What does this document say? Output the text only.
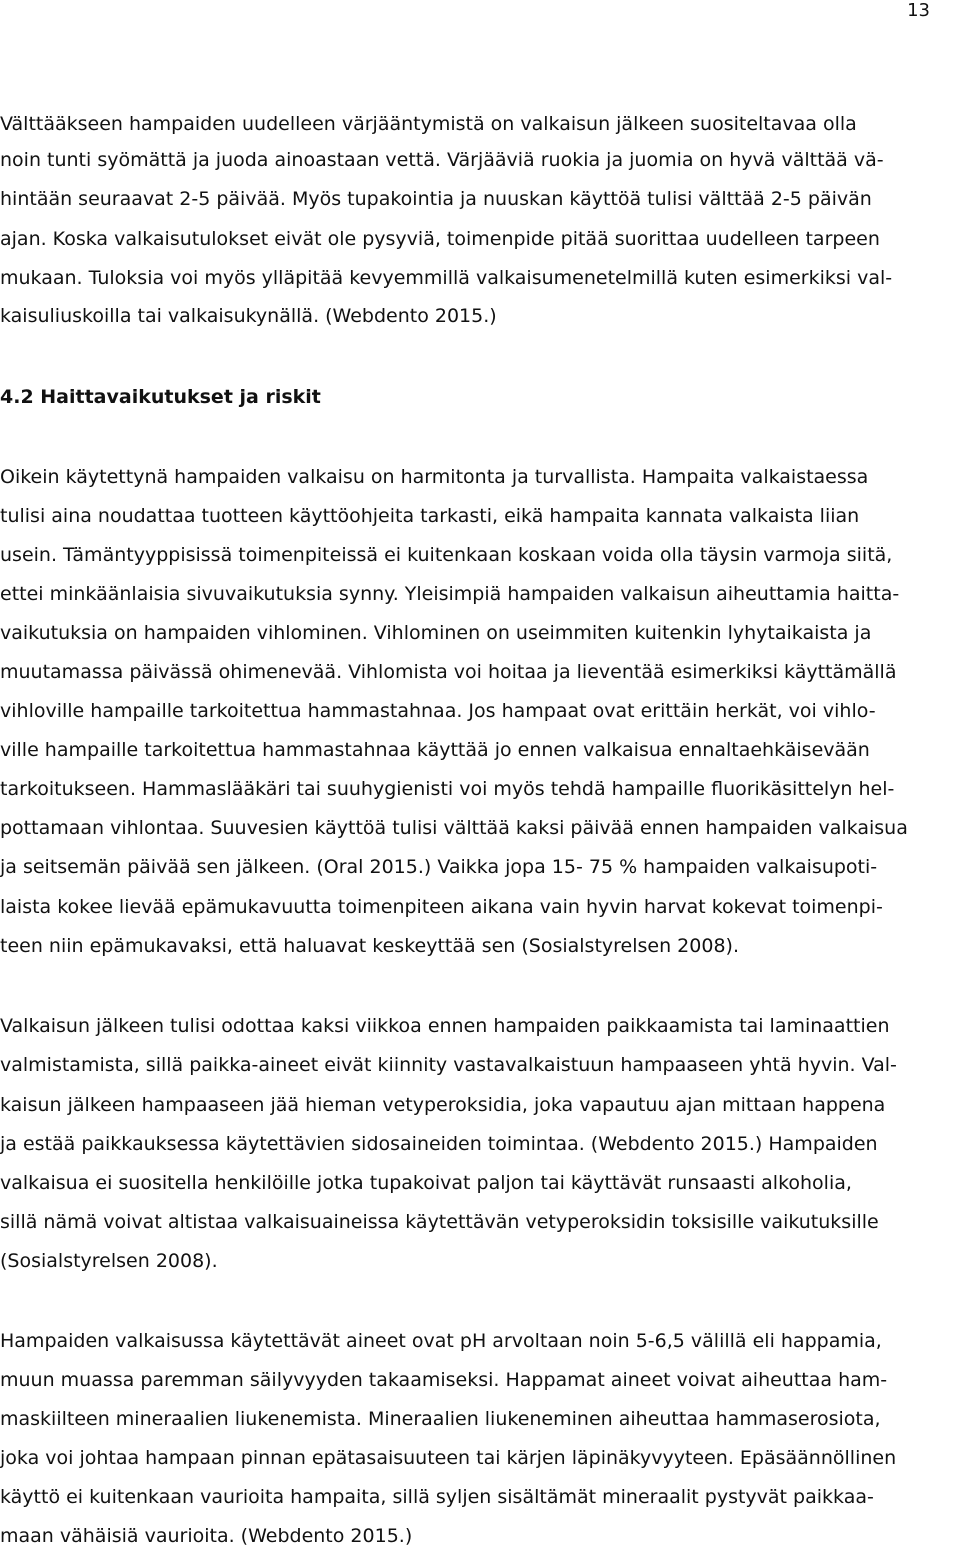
13
Välttääkseen hampaiden uudelleen värjääntymistä on valkaisun jälkeen suositeltavaa olla
noin tunti syömättä ja juoda ainoastaan vettä. Värjääviä ruokia ja juomia on hyvä välttää vä-
hintään seuraavat 2-5 päivää. Myös tupakointia ja nuuskan käyttöä tulisi välttää 2-5 päivän
ajan. Koska valkaisutulokset eivät ole pysyviä, toimenpide pitää suorittaa uudelleen tarpeen
mukaan. Tuloksia voi myös ylläpitää kevyemmillä valkaisumenetelmillä kuten esimerkiksi val-
kaisuliuskoilla tai valkaisukynällä. (Webdento 2015.)
4.2 Haittavaikutukset ja riskit
Oikein käytettynä hampaiden valkaisu on harmitonta ja turvallista. Hampaita valkaistaessa
tulisi aina noudattaa tuotteen käyttöohjeita tarkasti, eikä hampaita kannata valkaista liian
usein. Tämäntyyppisissä toimenpiteissä ei kuitenkaan koskaan voida olla täysin varmoja siitä,
ettei minkäänlaisia sivuvaikutuksia synny. Yleisimpiä hampaiden valkaisun aiheuttamia haitta-
vaikutuksia on hampaiden vihlominen. Vihlominen on useimmiten kuitenkin lyhytaikaista ja
muutamassa päivässä ohimenevää. Vihlomista voi hoitaa ja lieventää esimerkiksi käyttämällä
vihloville hampaille tarkoitettua hammastahnaa. Jos hampaat ovat erittäin herkät, voi vihlo-
ville hampaille tarkoitettua hammastahnaa käyttää jo ennen valkaisua ennaltaehkäisevään
tarkoitukseen. Hammaslääkäri tai suuhygienisti voi myös tehdä hampaille fluorikäsittelyn hel-
pottamaan vihlontaa. Suuvesien käyttöä tulisi välttää kaksi päivää ennen hampaiden valkaisua
ja seitsemän päivää sen jälkeen. (Oral 2015.) Vaikka jopa 15- 75 % hampaiden valkaisupoti-
laista kokee lievää epämukavuutta toimenpiteen aikana vain hyvin harvat kokevat toimenpi-
teen niin epämukavaksi, että haluavat keskeyttää sen (Sosialstyrelsen 2008).
Valkaisun jälkeen tulisi odottaa kaksi viikkoa ennen hampaiden paikkaamista tai laminaattien
valmistamista, sillä paikka-aineet eivät kiinnity vastavalkaistuun hampaaseen yhtä hyvin. Val-
kaisun jälkeen hampaaseen jää hieman vetyperoksidia, joka vapautuu ajan mittaan happena
ja estää paikkauksessa käytettävien sidosaineiden toimintaa. (Webdento 2015.) Hampaiden
valkaisua ei suositella henkilöille jotka tupakoivat paljon tai käyttävät runsaasti alkoholia,
sillä nämä voivat altistaa valkaisuaineissa käytettävän vetyperoksidin toksisille vaikutuksille
(Sosialstyrelsen 2008).
Hampaiden valkaisussa käytettävät aineet ovat pH arvoltaan noin 5-6,5 välillä eli happamia,
muun muassa paremman säilyvyyden takaamiseksi. Happamat aineet voivat aiheuttaa ham-
maskiilteen mineraalien liukenemista. Mineraalien liukeneminen aiheuttaa hammaserosiota,
joka voi johtaa hampaan pinnan epätasaisuuteen tai kärjen läpinäkyvyyteen. Epäsäännöllinen
käyttö ei kuitenkaan vaurioita hampaita, sillä syljen sisältämät mineraalit pystyvät paikkaa-
maan vähäisiä vaurioita. (Webdento 2015.)
